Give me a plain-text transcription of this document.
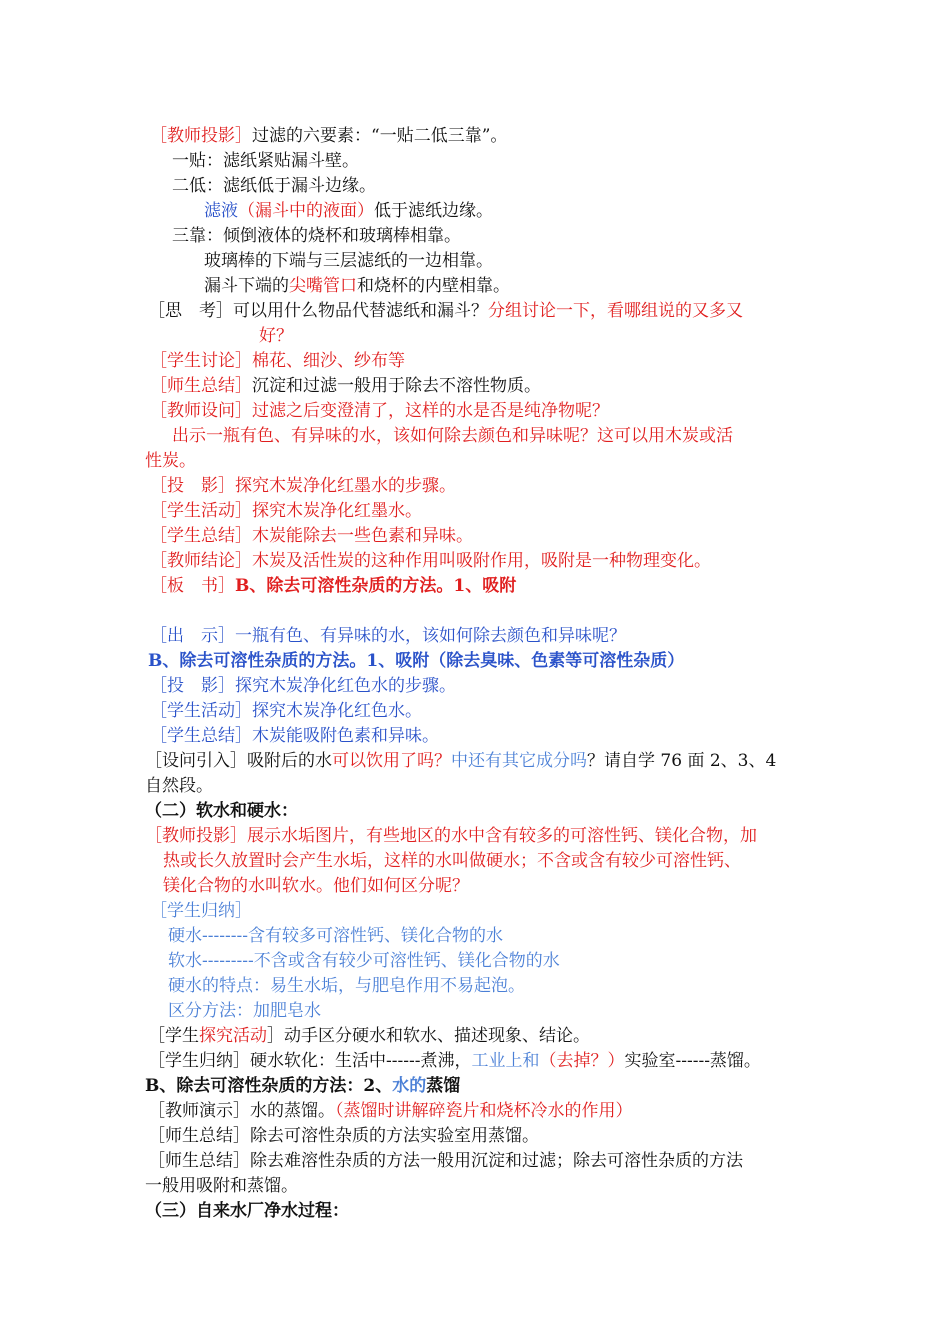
［教师投影］过滤的六要素：“一贴二低三靠”。
一贴：滤纸紧贴漏斗壁。
二低：滤纸低于漏斗边缘。
滤液（漏斗中的液面）低于滤纸边缘。
三靠：倾倒液体的烧杯和玻璃棒相靠。
玻璃棒的下端与三层滤纸的一边相靠。
漏斗下端的尖嘴管口和烧杯的内壁相靠。
［思　考］可以用什么物品代替滤纸和漏斗？分组讨论一下，看哪组说的又多又
好？
［学生讨论］棉花、细沙、纱布等
［师生总结］沉淀和过滤一般用于除去不溶性物质。
［教师设问］过滤之后变澄清了，这样的水是否是纯净物呢？
出示一瓶有色、有异味的水，该如何除去颜色和异味呢？这可以用木炭或活
性炭。
［投　影］探究木炭净化红墨水的步骤。
［学生活动］探究木炭净化红墨水。
［学生总结］木炭能除去一些色素和异味。
［教师结论］木炭及活性炭的这种作用叫吸附作用，吸附是一种物理变化。
［板　书］B、除去可溶性杂质的方法。1、吸附
［出　示］一瓶有色、有异味的水，该如何除去颜色和异味呢？
B、除去可溶性杂质的方法。1、吸附（除去臭味、色素等可溶性杂质）
［投　影］探究木炭净化红色水的步骤。
［学生活动］探究木炭净化红色水。
［学生总结］木炭能吸附色素和异味。
［设问引入］吸附后的水可以饮用了吗？中还有其它成分吗？请自学 76 面 2、3、4
自然段。
（二）软水和硬水：
［教师投影］展示水垢图片，有些地区的水中含有较多的可溶性钙、镁化合物，加
热或长久放置时会产生水垢，这样的水叫做硬水；不含或含有较少可溶性钙、
镁化合物的水叫软水。他们如何区分呢？
［学生归纳］
硬水--------含有较多可溶性钙、镁化合物的水
软水---------不含或含有较少可溶性钙、镁化合物的水
硬水的特点：易生水垢，与肥皂作用不易起泡。
区分方法：加肥皂水
［学生探究活动］动手区分硬水和软水、描述现象、结论。
［学生归纳］硬水软化：生活中------煮沸，工业上和（去掉？）实验室------蒸馏。
B、除去可溶性杂质的方法：2、水的蒸馏
［教师演示］水的蒸馏。（蒸馏时讲解碎瓷片和烧杯冷水的作用）
［师生总结］除去可溶性杂质的方法实验室用蒸馏。
［师生总结］除去难溶性杂质的方法一般用沉淀和过滤；除去可溶性杂质的方法
一般用吸附和蒸馏。
（三）自来水厂净水过程：
